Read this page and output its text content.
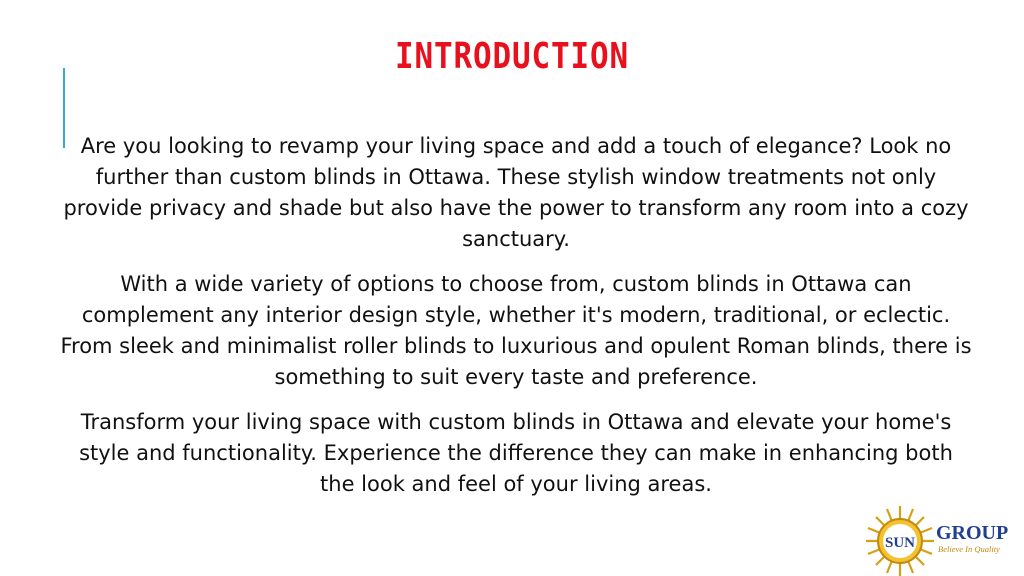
INTRODUCTION

Are you looking to revamp your living space and add a touch of elegance? Look no further than custom blinds in Ottawa. These stylish window treatments not only provide privacy and shade but also have the power to transform any room into a cozy sanctuary.

With a wide variety of options to choose from, custom blinds in Ottawa can complement any interior design style, whether it's modern, traditional, or eclectic. From sleek and minimalist roller blinds to luxurious and opulent Roman blinds, there is something to suit every taste and preference.

Transform your living space with custom blinds in Ottawa and elevate your home's style and functionality. Experience the difference they can make in enhancing both the look and feel of your living areas.

SUN GROUP
Believe In Quality
